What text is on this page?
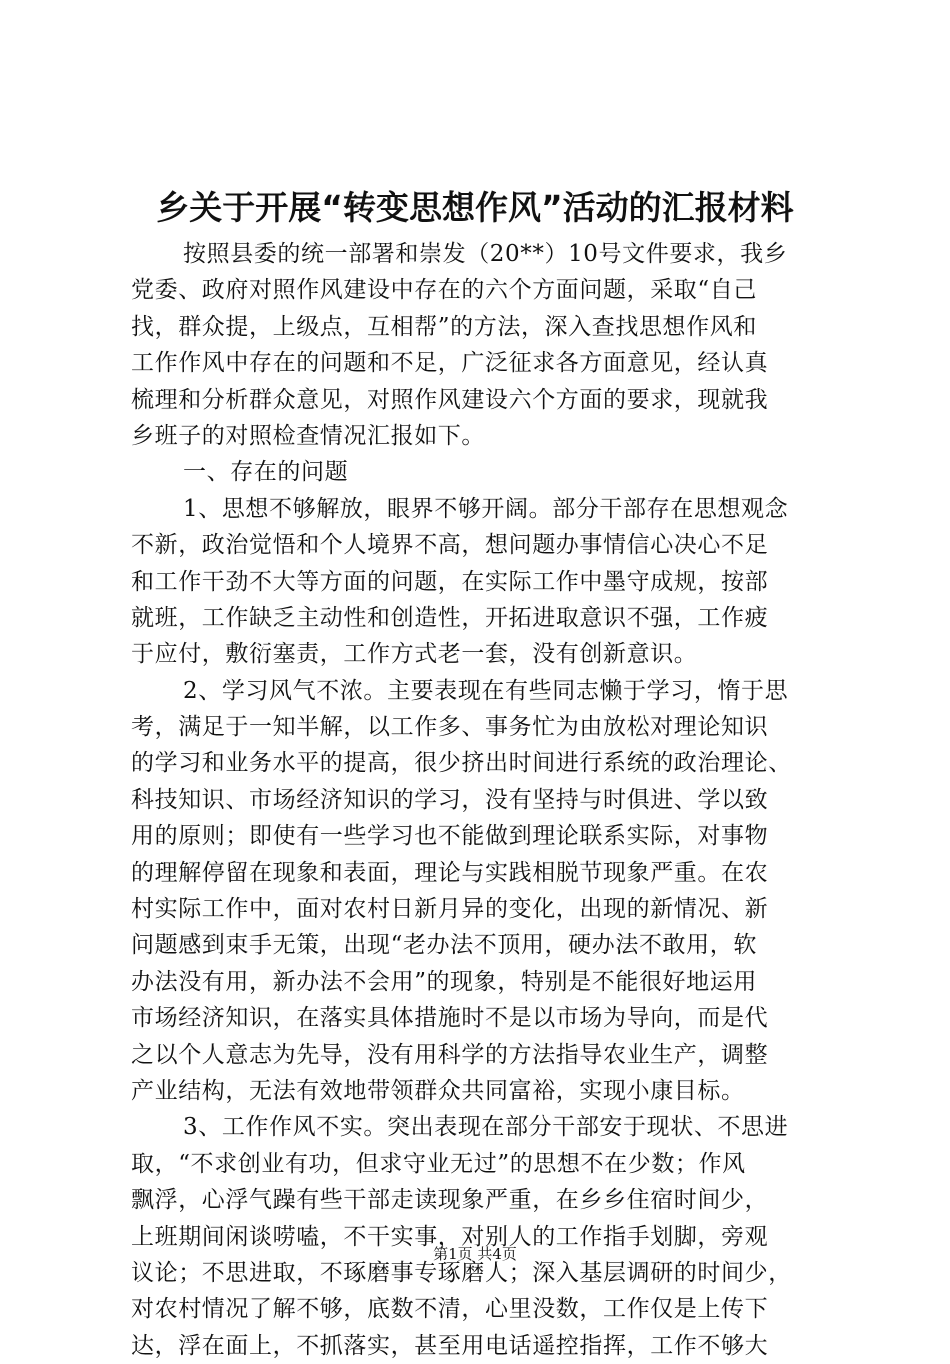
乡关于开展“转变思想作风”活动的汇报材料
按照县委的统一部署和崇发（20**）10号文件要求，我乡
党委、政府对照作风建设中存在的六个方面问题，采取“自己
找，群众提，上级点，互相帮”的方法，深入查找思想作风和
工作作风中存在的问题和不足，广泛征求各方面意见，经认真
梳理和分析群众意见，对照作风建设六个方面的要求，现就我
乡班子的对照检查情况汇报如下。
一、存在的问题
1、思想不够解放，眼界不够开阔。部分干部存在思想观念
不新，政治觉悟和个人境界不高，想问题办事情信心决心不足
和工作干劲不大等方面的问题，在实际工作中墨守成规，按部
就班，工作缺乏主动性和创造性，开拓进取意识不强，工作疲
于应付，敷衍塞责，工作方式老一套，没有创新意识。
2、学习风气不浓。主要表现在有些同志懒于学习，惰于思
考，满足于一知半解，以工作多、事务忙为由放松对理论知识
的学习和业务水平的提高，很少挤出时间进行系统的政治理论、
科技知识、市场经济知识的学习，没有坚持与时俱进、学以致
用的原则；即使有一些学习也不能做到理论联系实际，对事物
的理解停留在现象和表面，理论与实践相脱节现象严重。在农
村实际工作中，面对农村日新月异的变化，出现的新情况、新
问题感到束手无策，出现“老办法不顶用，硬办法不敢用，软
办法没有用，新办法不会用”的现象，特别是不能很好地运用
市场经济知识，在落实具体措施时不是以市场为导向，而是代
之以个人意志为先导，没有用科学的方法指导农业生产，调整
产业结构，无法有效地带领群众共同富裕，实现小康目标。
3、工作作风不实。突出表现在部分干部安于现状、不思进
取，“不求创业有功，但求守业无过”的思想不在少数；作风
飘浮，心浮气躁有些干部走读现象严重，在乡乡住宿时间少，
上班期间闲谈唠嗑，不干实事，对别人的工作指手划脚，旁观
议论；不思进取，不琢磨事专琢磨人；深入基层调研的时间少，
对农村情况了解不够，底数不清，心里没数，工作仅是上传下
达，浮在面上，不抓落实，甚至用电话遥控指挥，工作不够大
第1页 共4页
